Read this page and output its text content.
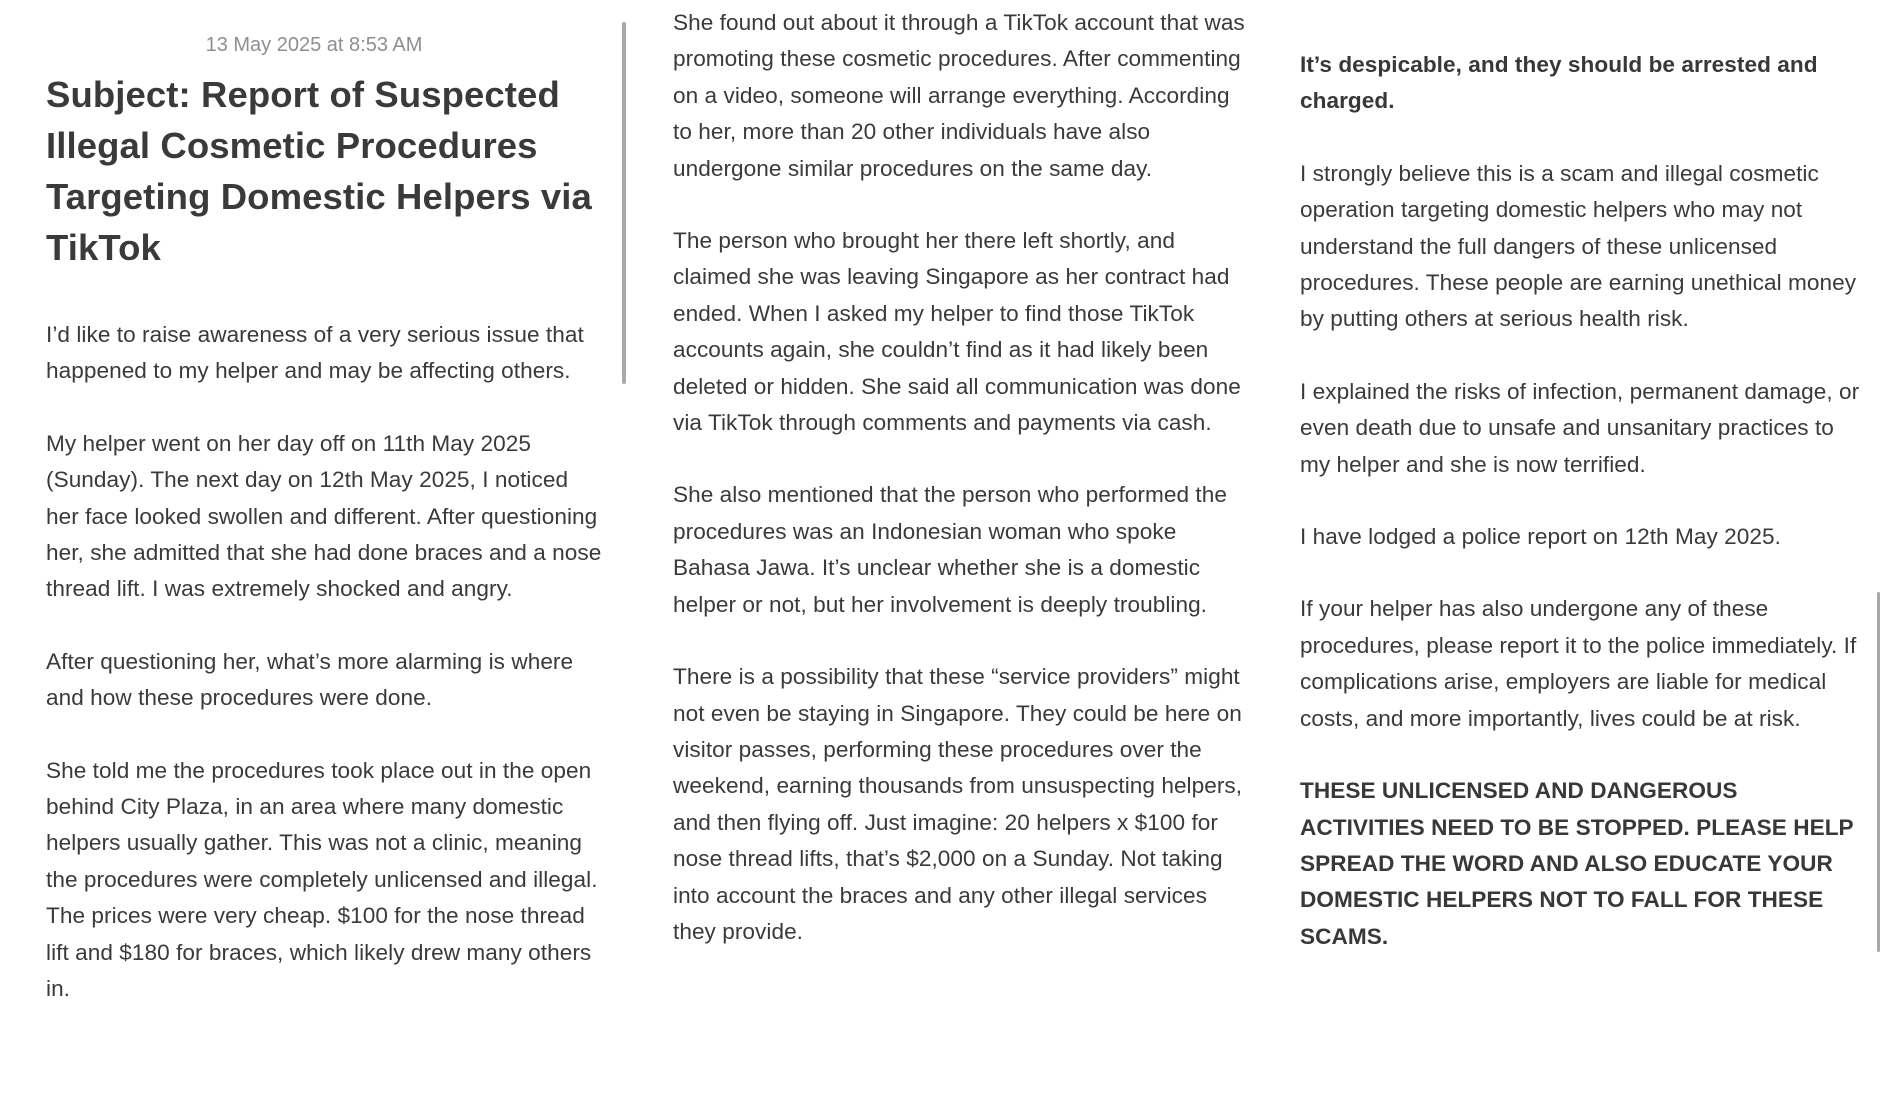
13 May 2025 at 8:53 AM
Subject: Report of Suspected Illegal Cosmetic Procedures Targeting Domestic Helpers via TikTok

I’d like to raise awareness of a very serious issue that happened to my helper and may be affecting others.

My helper went on her day off on 11th May 2025 (Sunday). The next day on 12th May 2025, I noticed her face looked swollen and different. After questioning her, she admitted that she had done braces and a nose thread lift. I was extremely shocked and angry.

After questioning her, what’s more alarming is where and how these procedures were done.

She told me the procedures took place out in the open behind City Plaza, in an area where many domestic helpers usually gather. This was not a clinic, meaning the procedures were completely unlicensed and illegal. The prices were very cheap. $100 for the nose thread lift and $180 for braces, which likely drew many others in.

She found out about it through a TikTok account that was promoting these cosmetic procedures. After commenting on a video, someone will arrange everything. According to her, more than 20 other individuals have also undergone similar procedures on the same day.

The person who brought her there left shortly, and claimed she was leaving Singapore as her contract had ended. When I asked my helper to find those TikTok accounts again, she couldn’t find as it had likely been deleted or hidden. She said all communication was done via TikTok through comments and payments via cash.

She also mentioned that the person who performed the procedures was an Indonesian woman who spoke Bahasa Jawa. It’s unclear whether she is a domestic helper or not, but her involvement is deeply troubling.

There is a possibility that these “service providers” might not even be staying in Singapore. They could be here on visitor passes, performing these procedures over the weekend, earning thousands from unsuspecting helpers, and then flying off. Just imagine: 20 helpers x $100 for nose thread lifts, that’s $2,000 on a Sunday. Not taking into account the braces and any other illegal services they provide.

It’s despicable, and they should be arrested and charged.

I strongly believe this is a scam and illegal cosmetic operation targeting domestic helpers who may not understand the full dangers of these unlicensed procedures. These people are earning unethical money by putting others at serious health risk.

I explained the risks of infection, permanent damage, or even death due to unsafe and unsanitary practices to my helper and she is now terrified.

I have lodged a police report on 12th May 2025.

If your helper has also undergone any of these procedures, please report it to the police immediately. If complications arise, employers are liable for medical costs, and more importantly, lives could be at risk.

THESE UNLICENSED AND DANGEROUS ACTIVITIES NEED TO BE STOPPED. PLEASE HELP SPREAD THE WORD AND ALSO EDUCATE YOUR DOMESTIC HELPERS NOT TO FALL FOR THESE SCAMS.
